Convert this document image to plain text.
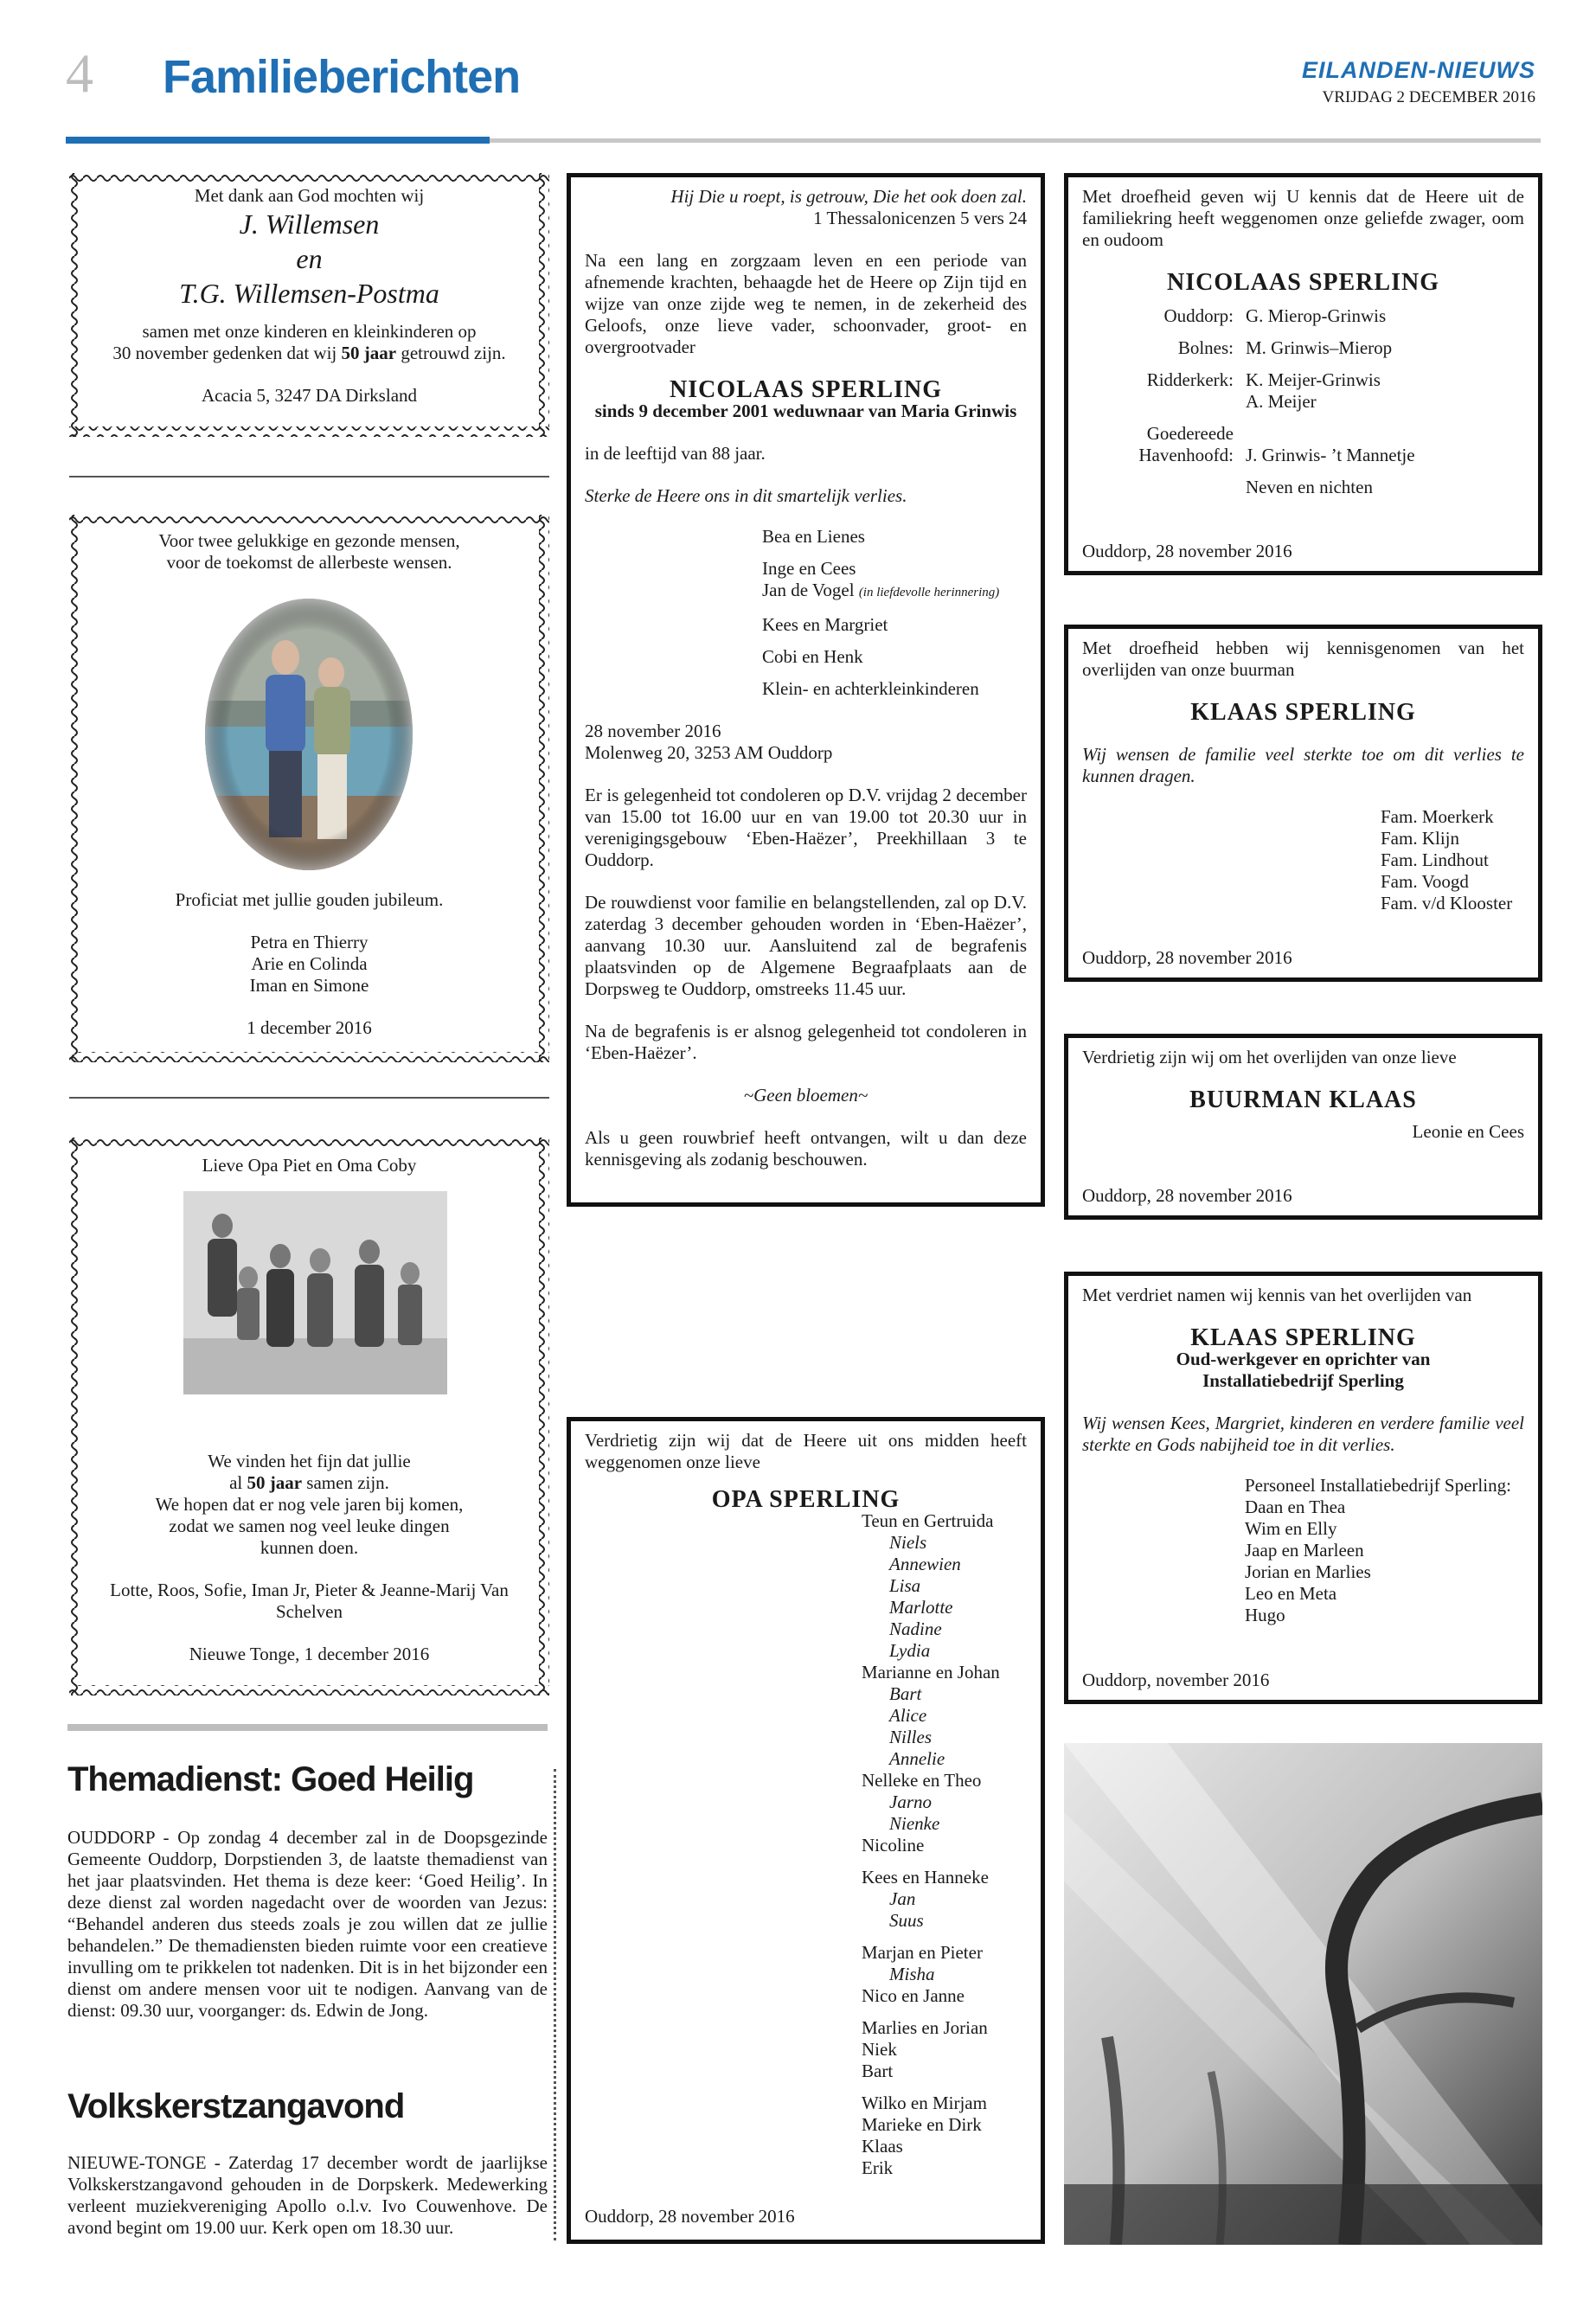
4 Familieberichten	EILANDEN-NIEUWS
VRIJDAG 2 DECEMBER 2016

Met dank aan God mochten wij

J. Willemsen

en

T.G. Willemsen-Postma

samen met onze kinderen en kleinkinderen op

30 november gedenken dat wij 50 jaar getrouwd zijn.

Acacia 5, 3247 DA Dirksland

Voor twee gelukkige en gezonde mensen,

voor de toekomst de allerbeste wensen.

Proficiat met jullie gouden jubileum.

Petra en Thierry

Arie en Colinda

Iman en Simone

1 december 2016

Lieve Opa Piet en Oma Coby

We vinden het fijn dat jullie

al 50 jaar samen zijn.

We hopen dat er nog vele jaren bij komen,

zodat we samen nog veel leuke dingen

kunnen doen.

Lotte, Roos, Sofie, Iman Jr, Pieter & Jeanne-Marij Van Schelven

Nieuwe Tonge, 1 december 2016

Themadienst: Goed Heilig
OUDDORP - Op zondag 4 december zal in de Doopsgezinde Gemeente Ouddorp, Dorpstienden 3, de laatste themadienst van het jaar plaatsvinden. Het thema is deze keer: ‘Goed Heilig’. In deze dienst zal worden nagedacht over de woorden van Jezus: “Behandel anderen dus steeds zoals je zou willen dat ze jullie behandelen.” De themadiensten bieden ruimte voor een creatieve invulling om te prikkelen tot nadenken. Dit is in het bijzonder een dienst om andere mensen voor uit te nodigen. Aanvang van de dienst: 09.30 uur, voorganger: ds. Edwin de Jong.
Volkskerstzangavond
NIEUWE-TONGE - Zaterdag 17 december wordt de jaarlijkse Volkskerstzangavond gehouden in de Dorpskerk. Medewerking verleent muziekvereniging Apollo o.l.v. Ivo Couwenhove. De avond begint om 19.00 uur. Kerk open om 18.30 uur.

Hij Die u roept, is getrouw, Die het ook doen zal.

1 Thessalonicenzen 5 vers 24

Na een lang en zorgzaam leven en een periode van afnemende krachten, behaagde het de Heere op Zijn tijd en wijze van onze zijde weg te nemen, in de zekerheid des Geloofs, onze lieve vader, schoonvader, groot- en overgrootvader

NICOLAAS SPERLING

sinds 9 december 2001 weduwnaar van Maria Grinwis

in de leeftijd van 88 jaar.

Sterke de Heere ons in dit smartelijk verlies.

Bea en Lienes

Inge en Cees

Jan de Vogel (in liefdevolle herinnering)

Kees en Margriet

Cobi en Henk

Klein- en achterkleinkinderen

28 november 2016

Molenweg 20, 3253 AM Ouddorp

Er is gelegenheid tot condoleren op D.V. vrijdag 2 december van 15.00 tot 16.00 uur en van 19.00 tot 20.30 uur in verenigingsgebouw ‘Eben-Haëzer’, Preekhillaan 3 te Ouddorp.

De rouwdienst voor familie en belangstellenden, zal op D.V. zaterdag 3 december gehouden worden in ‘Eben-Haëzer’, aanvang 10.30 uur. Aansluitend zal de begrafenis plaatsvinden op de Algemene Begraafplaats aan de Dorpsweg te Ouddorp, omstreeks 11.45 uur.

Na de begrafenis is er alsnog gelegenheid tot condoleren in ‘Eben-Haëzer’.

~Geen bloemen~

Als u geen rouwbrief heeft ontvangen, wilt u dan deze kennisgeving als zodanig beschouwen.

Verdrietig zijn wij dat de Heere uit ons midden heeft weggenomen onze lieve

OPA SPERLING

Teun en Gertruida

Niels

Annewien

Lisa

Marlotte

Nadine

Lydia

Marianne en Johan

Bart

Alice

Nilles

Annelie

Nelleke en Theo

Jarno

Nienke

Nicoline

Kees en Hanneke

Jan

Suus

Marjan en Pieter

Misha

Nico en Janne

Marlies en Jorian

Niek

Bart

Wilko en Mirjam

Marieke en Dirk

Klaas

Erik

Ouddorp, 28 november 2016

Met droefheid geven wij U kennis dat de Heere uit de familiekring heeft weggenomen onze geliefde zwager, oom en oudoom

NICOLAAS SPERLING

Ouddorp: G. Mierop-Grinwis

Bolnes: M. Grinwis–Mierop

Ridderkerk: K. Meijer-Grinwis

A. Meijer

Goedereede

Havenhoofd: J. Grinwis- ’t Mannetje

Neven en nichten

Ouddorp, 28 november 2016

Met droefheid hebben wij kennisgenomen van het overlijden van onze buurman

KLAAS SPERLING

Wij wensen de familie veel sterkte toe om dit verlies te kunnen dragen.

Fam. Moerkerk

Fam. Klijn

Fam. Lindhout

Fam. Voogd

Fam. v/d Klooster

Ouddorp, 28 november 2016

Verdrietig zijn wij om het overlijden van onze lieve

BUURMAN KLAAS

Leonie en Cees

Ouddorp, 28 november 2016

Met verdriet namen wij kennis van het overlijden van

KLAAS SPERLING

Oud-werkgever en oprichter van

Installatiebedrijf Sperling

Wij wensen Kees, Margriet, kinderen en verdere familie veel sterkte en Gods nabijheid toe in dit verlies.

Personeel Installatiebedrijf Sperling:

Daan en Thea

Wim en Elly

Jaap en Marleen

Jorian en Marlies

Leo en Meta

Hugo

Ouddorp, november 2016
